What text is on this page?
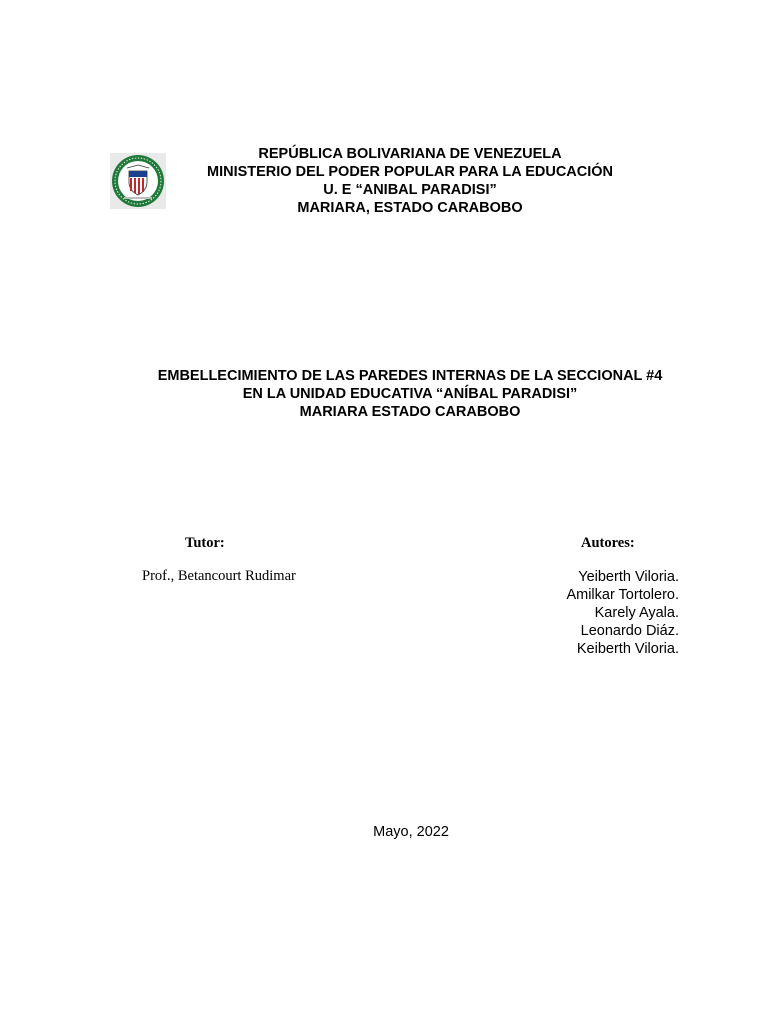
REPÚBLICA BOLIVARIANA DE VENEZUELA
MINISTERIO DEL PODER POPULAR PARA LA EDUCACIÓN
U. E “ANIBAL PARADISI”
MARIARA, ESTADO CARABOBO
EMBELLECIMIENTO DE LAS PAREDES INTERNAS DE LA SECCIONAL #4
EN LA UNIDAD EDUCATIVA “ANÍBAL PARADISI”
MARIARA ESTADO CARABOBO
Tutor:
Prof., Betancourt Rudimar
Autores:
Yeiberth Viloria.
Amilkar Tortolero.
Karely Ayala.
Leonardo Diáz.
Keiberth Viloria.
Mayo, 2022
